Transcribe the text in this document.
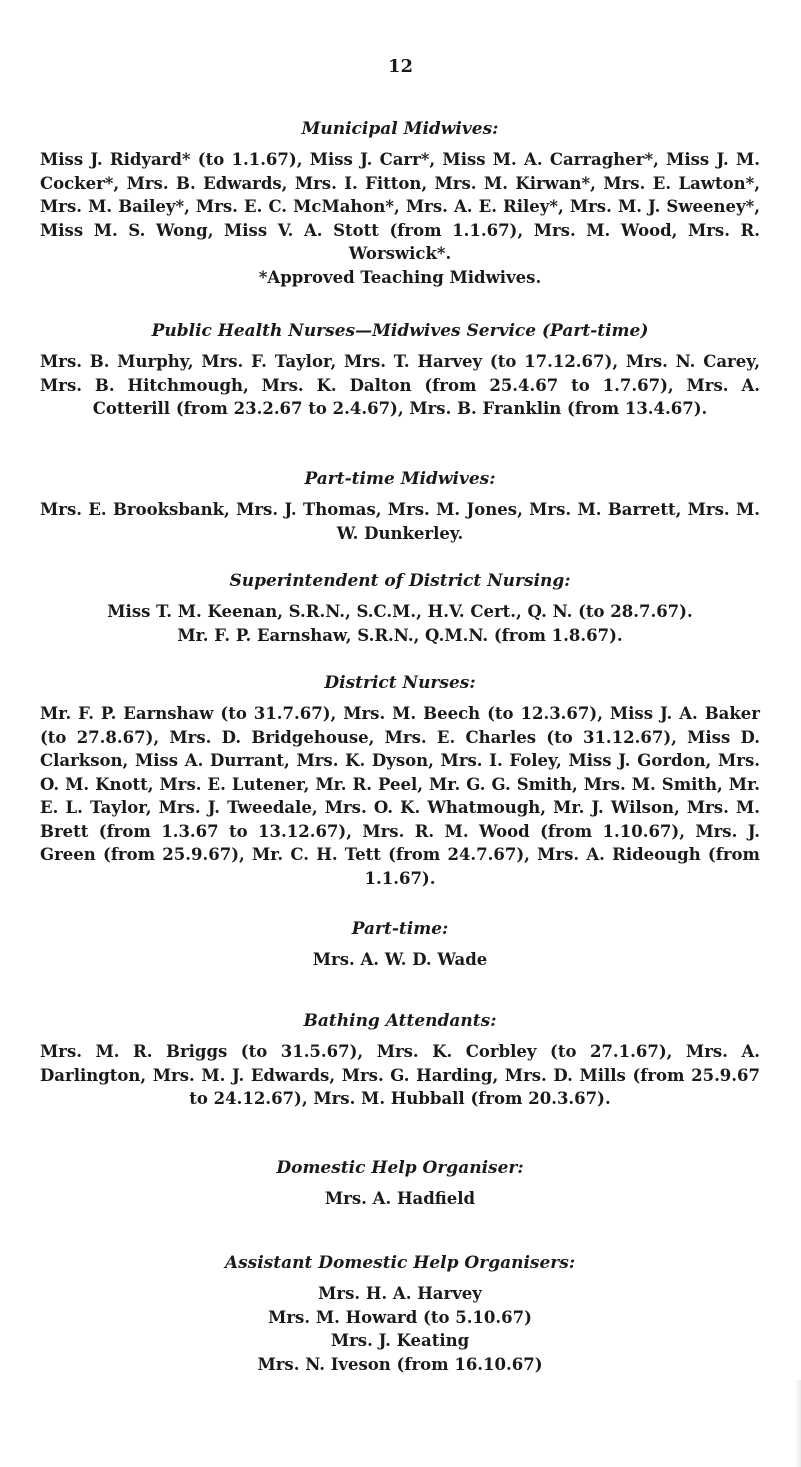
12
Municipal Midwives:

Miss J. Ridyard* (to 1.1.67), Miss J. Carr*, Miss M. A. Carragher*, Miss J. M. Cocker*, Mrs. B. Edwards, Mrs. I. Fitton, Mrs. M. Kirwan*, Mrs. E. Lawton*, Mrs. M. Bailey*, Mrs. E. C. McMahon*, Mrs. A. E. Riley*, Mrs. M. J. Sweeney*, Miss M. S. Wong, Miss V. A. Stott (from 1.1.67), Mrs. M. Wood, Mrs. R. Worswick*.

*Approved Teaching Midwives.

Public Health Nurses—Midwives Service (Part-time)

Mrs. B. Murphy, Mrs. F. Taylor, Mrs. T. Harvey (to 17.12.67), Mrs. N. Carey, Mrs. B. Hitchmough, Mrs. K. Dalton (from 25.4.67 to 1.7.67), Mrs. A. Cotterill (from 23.2.67 to 2.4.67), Mrs. B. Franklin (from 13.4.67).

Part-time Midwives:

Mrs. E. Brooksbank, Mrs. J. Thomas, Mrs. M. Jones, Mrs. M. Barrett, Mrs. M. W. Dunkerley.

Superintendent of District Nursing:

Miss T. M. Keenan, S.R.N., S.C.M., H.V. Cert., Q. N. (to 28.7.67).

Mr. F. P. Earnshaw, S.R.N., Q.M.N. (from 1.8.67).

District Nurses:

Mr. F. P. Earnshaw (to 31.7.67), Mrs. M. Beech (to 12.3.67), Miss J. A. Baker (to 27.8.67), Mrs. D. Bridgehouse, Mrs. E. Charles (to 31.12.67), Miss D. Clarkson, Miss A. Durrant, Mrs. K. Dyson, Mrs. I. Foley, Miss J. Gordon, Mrs. O. M. Knott, Mrs. E. Lutener, Mr. R. Peel, Mr. G. G. Smith, Mrs. M. Smith, Mr. E. L. Taylor, Mrs. J. Tweedale, Mrs. O. K. Whatmough, Mr. J. Wilson, Mrs. M. Brett (from 1.3.67 to 13.12.67), Mrs. R. M. Wood (from 1.10.67), Mrs. J. Green (from 25.9.67), Mr. C. H. Tett (from 24.7.67), Mrs. A. Rideough (from 1.1.67).

Part-time:

Mrs. A. W. D. Wade

Bathing Attendants:

Mrs. M. R. Briggs (to 31.5.67), Mrs. K. Corbley (to 27.1.67), Mrs. A. Darlington, Mrs. M. J. Edwards, Mrs. G. Harding, Mrs. D. Mills (from 25.9.67 to 24.12.67), Mrs. M. Hubball (from 20.3.67).

Domestic Help Organiser:

Mrs. A. Hadfield

Assistant Domestic Help Organisers:

Mrs. H. A. Harvey

Mrs. M. Howard (to 5.10.67)

Mrs. J. Keating

Mrs. N. Iveson (from 16.10.67)
